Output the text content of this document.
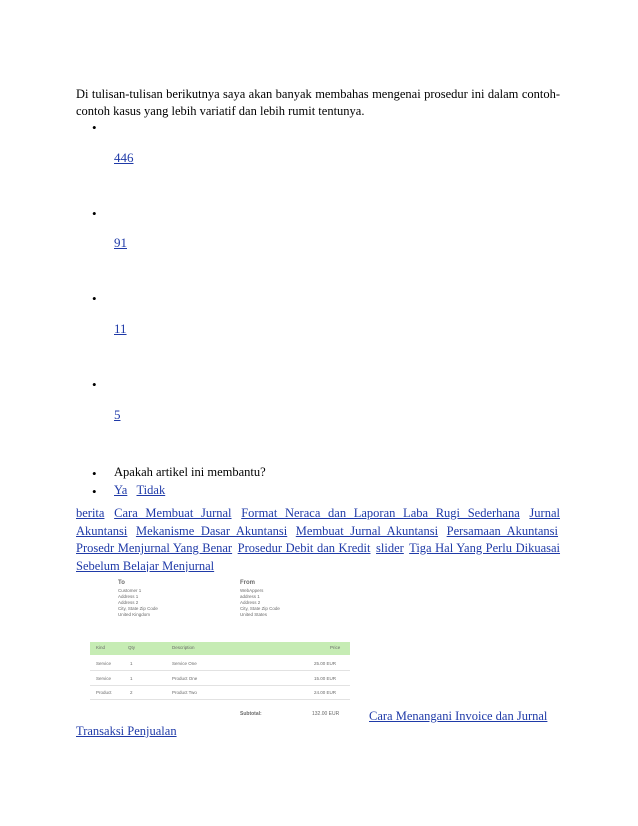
Di tulisan-tulisan berikutnya saya akan banyak membahas mengenai prosedur ini dalam contoh-contoh kasus yang lebih variatif dan lebih rumit tentunya.

•
446
•
91
•
11
•
5
• Apakah artikel ini membantu?
• Ya Tidak
berita Cara Membuat Jurnal Format Neraca dan Laporan Laba Rugi Sederhana Jurnal Akuntansi Mekanisme Dasar Akuntansi Membuat Jurnal Akuntansi Persamaan Akuntansi Prosedr Menjurnal Yang Benar Prosedur Debit dan Kredit slider Tiga Hal Yang Perlu Dikuasai Sebelum Belajar Menjurnal
To
Customer 1
Address 1
Address 2
City, State Zip Code
United Kingdom
From
WebAppers
address 1
Address 2
City, State Zip Code
United States
Kind	Qty	Description	Price
Service	1	Service One	25.00 EUR
Service	1	Product One	15.00 EUR
Product	2	Product Two	24.00 EUR
Subtotal:	132.00 EUR Cara Menangani Invoice dan Jurnal
Transaksi Penjualan
